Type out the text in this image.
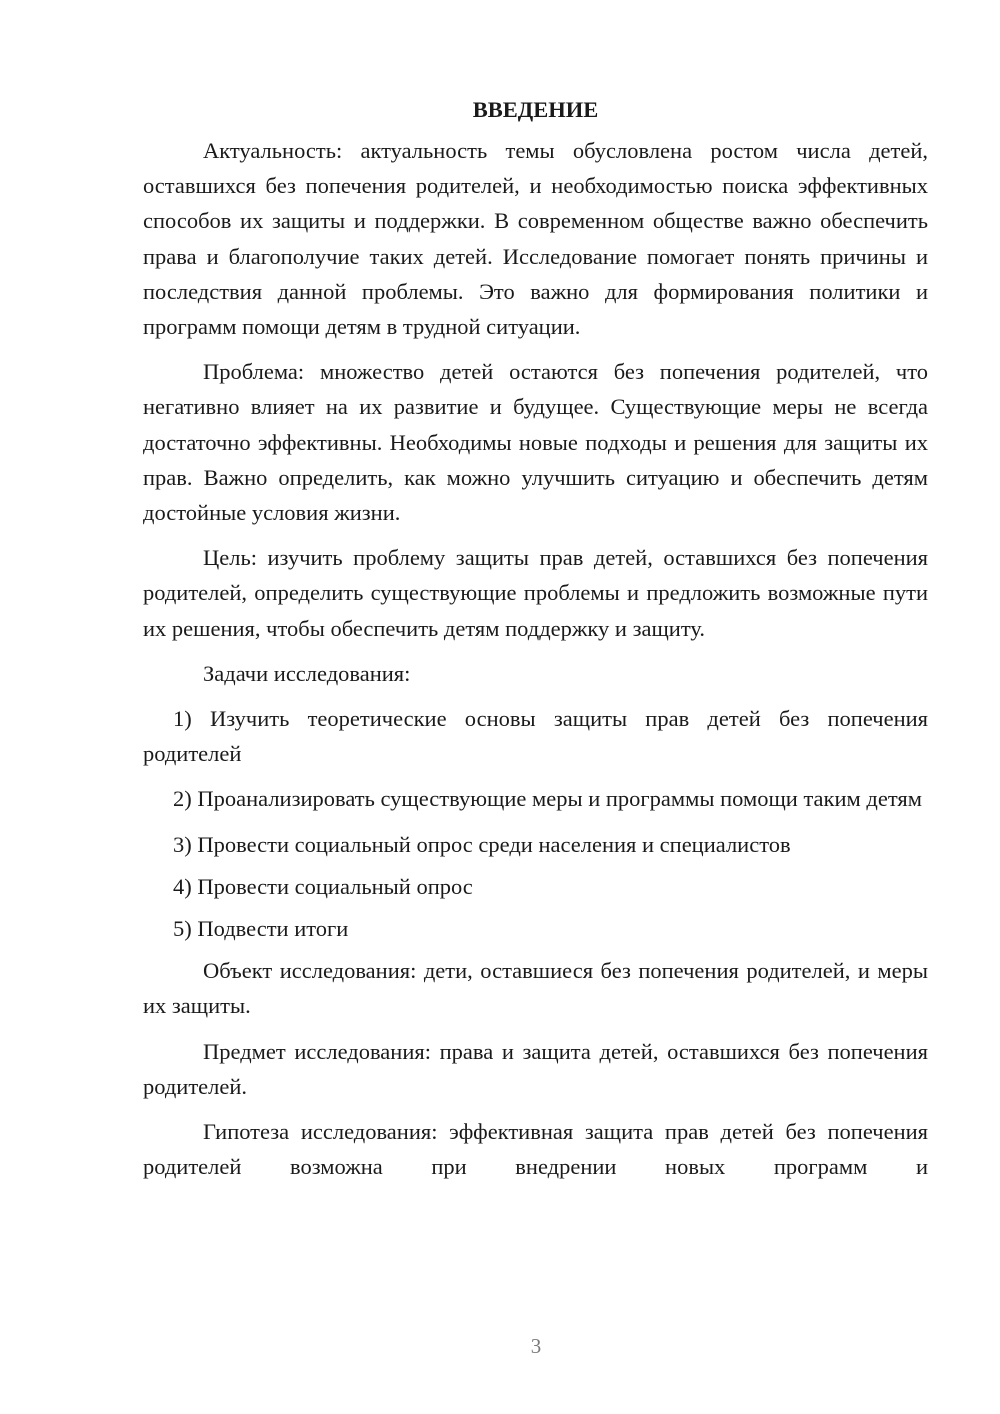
ВВЕДЕНИЕ

Актуальность: актуальность темы обусловлена ростом числа детей, оставшихся без попечения родителей, и необходимостью поиска эффективных способов их защиты и поддержки. В современном обществе важно обеспечить права и благополучие таких детей. Исследование помогает понять причины и последствия данной проблемы. Это важно для формирования политики и программ помощи детям в трудной ситуации.

Проблема: множество детей остаются без попечения родителей, что негативно влияет на их развитие и будущее. Существующие меры не всегда достаточно эффективны. Необходимы новые подходы и решения для защиты их прав. Важно определить, как можно улучшить ситуацию и обеспечить детям достойные условия жизни.

Цель: изучить проблему защиты прав детей, оставшихся без попечения родителей, определить существующие проблемы и предложить возможные пути их решения, чтобы обеспечить детям поддержку и защиту.

Задачи исследования:

1) Изучить теоретические основы защиты прав детей без попечения родителей

2) Проанализировать существующие меры и программы помощи таким детям

3) Провести социальный опрос среди населения и специалистов

4) Провести социальный опрос

5) Подвести итоги

Объект исследования: дети, оставшиеся без попечения родителей, и меры их защиты.

Предмет исследования: права и защита детей, оставшихся без попечения родителей.

Гипотеза исследования: эффективная защита прав детей без попечения родителей возможна при внедрении новых программ и

3
